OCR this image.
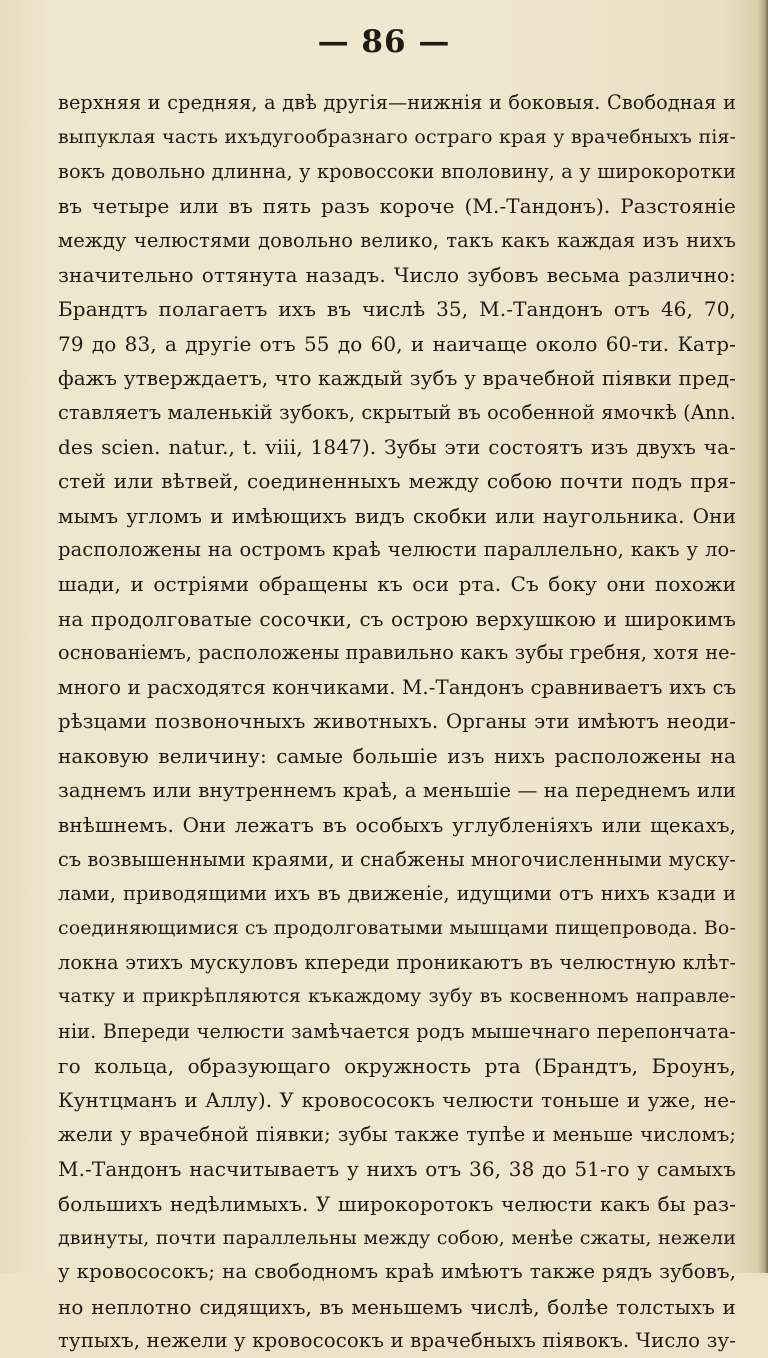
— 86 —
верхняя и средняя, а двѣ другія—нижнія и боковыя. Свободная и
выпуклая часть ихъдугообразнаго остраго края у врачебныхъ пія-
вокъ довольно длинна, у кровоссоки вполовину, а у широкоротки
въ четыре или въ пять разъ короче (М.-Тандонъ). Разстояніе
между челюстями довольно велико, такъ какъ каждая изъ нихъ
значительно оттянута назадъ. Число зубовъ весьма различно:
Брандтъ полагаетъ ихъ въ числѣ 35, М.-Тандонъ отъ 46, 70,
79 до 83, а другіе отъ 55 до 60, и наичаще около 60-ти. Катр-
фажъ утверждаетъ, что каждый зубъ у врачебной піявки пред-
ставляетъ маленькій зубокъ, скрытый въ особенной ямочкѣ (Ann.
des scien. natur., t. viii, 1847). Зубы эти состоятъ изъ двухъ ча-
стей или вѣтвей, соединенныхъ между собою почти подъ пря-
мымъ угломъ и имѣющихъ видъ скобки или наугольника. Они
расположены на остромъ краѣ челюсти параллельно, какъ у ло-
шади, и остріями обращены къ оси рта. Съ боку они похожи
на продолговатые сосочки, съ острою верхушкою и широкимъ
основаніемъ, расположены правильно какъ зубы гребня, хотя не-
много и расходятся кончиками. М.-Тандонъ сравниваетъ ихъ съ
рѣзцами позвоночныхъ животныхъ. Органы эти имѣютъ неоди-
наковую величину: самые большіе изъ нихъ расположены на
заднемъ или внутреннемъ краѣ, а меньшіе — на переднемъ или
внѣшнемъ. Они лежатъ въ особыхъ углубленіяхъ или щекахъ,
съ возвышенными краями, и снабжены многочисленными муску-
лами, приводящими ихъ въ движеніе, идущими отъ нихъ кзади и
соединяющимися съ продолговатыми мышцами пищепровода. Во-
локна этихъ мускуловъ кпереди проникаютъ въ челюстную клѣт-
чатку и прикрѣпляются къкаждому зубу въ косвенномъ направле-
ніи. Впереди челюсти замѣчается родъ мышечнаго перепончата-
го кольца, образующаго окружность рта (Брандтъ, Броунъ,
Кунтцманъ и Аллу). У кровососокъ челюсти тоньше и уже, не-
жели у врачебной піявки; зубы также тупѣе и меньше числомъ;
М.-Тандонъ насчитываетъ у нихъ отъ 36, 38 до 51-го у самыхъ
большихъ недѣлимыхъ. У широкоротокъ челюсти какъ бы раз-
двинуты, почти параллельны между собою, менѣе сжаты, нежели
у кровососокъ; на свободномъ краѣ имѣютъ также рядъ зубовъ,
но неплотно сидящихъ, въ меньшемъ числѣ, болѣе толстыхъ и
тупыхъ, нежели у кровососокъ и врачебныхъ піявокъ. Число зу-
